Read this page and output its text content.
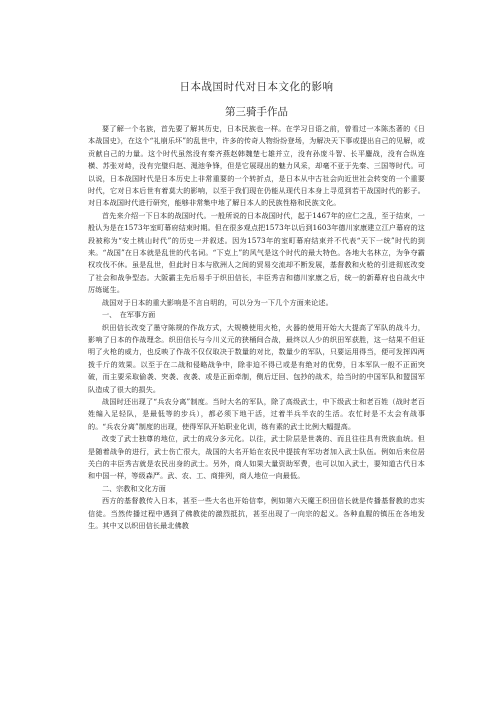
日本战国时代对日本文化的影响
第三骑手作品

要了解一个名族，首先要了解其历史，日本民族也一样。在学习日语之前，曾看过一本陈杰著的《日本战国史》，在这个“礼崩乐坏”的乱世中，许多的传奇人物纷纷登场，为解决天下事或提出自己的见解，或贡献自己的力量。这个时代虽然没有秦齐燕赵韩魏楚七雄并立，没有孙庞斗智、长平鏖战，没有合纵连横、苏张对峙，没有完璧归赵、渑池争锋，但是它展现出的魅力风采，却毫不亚于先秦、三国等时代。可以说，日本战国时代是日本历史上非常重要的一个转折点，是日本从中古社会向近世社会转变的一个重要时代，它对日本后世有着莫大的影响，以至于我们现在仍能从现代日本身上寻觅到若干战国时代的影子。对日本战国时代进行研究，能够非常集中地了解日本人的民族性格和民族文化。

首先来介绍一下日本的战国时代。一般所说的日本战国时代，起于1467年的应仁之乱，至于结束，一般认为是在1573年室町幕府结束时期。但在很多观点把1573年以后到1603年德川家康建立江户幕府的这段被称为“安土桃山时代”的历史一并叙述。因为1573年的室町幕府结束并不代表“天下一统”时代的到来。“战国”在日本就是乱世的代名词。“下克上”的风气是这个时代的最大特色。各地大名林立，为争夺霸权攻伐不休。虽是乱世，但此时日本与欧洲人之间的贸易交流却不断发展，基督教和火枪的引进彻底改变了社会和战争型态。大阪霸主先后易手于织田信长，丰臣秀吉和德川家康之后，统一的新幕府也自战火中厉练诞生。

战国对于日本的重大影响是不言自明的，可以分为一下几个方面来论述。

一、　在军事方面

织田信长改变了墨守陈规的作战方式，大规模使用火枪，火器的使用开始大大提高了军队的战斗力，影响了日本的作战理念。织田信长与今川义元的狭桶间合战，最终以人少的织田军获胜，这一结果不但证明了火枪的威力，也反映了作战不仅仅取决于数量的对比，数量少的军队，只要运用得当，便可发挥四两拨千斤的效果。以至于在二战和侵略战争中，除非迫不得已或是有绝对的优势，日本军队一般不正面突破，而主要采取偷袭、突袭、夜袭、或是正面牵制，侧后迂回、包抄的战术，给当时的中国军队和盟国军队造成了很大的损失。

战国时还出现了“兵农分离”制度。当时大名的军队，除了高级武士，中下级武士和老百姓（战时老百姓编入足轻队，是最低等的步兵），都必须下地干活，过着半兵半农的生活。农忙时是不太会有战事的。“兵农分离”制度的出现，使得军队开始职业化训，练有素的武士比例大幅提高。

改变了武士独尊的地位，武士的成分多元化。以往，武士阶层是世袭的、而且往往具有贵族血统。但是随着战争的进行，武士伤亡很大，战国的大名开始在农民中提拔有军功者加入武士队伍。例如后来位居关白的丰臣秀吉就是农民出身的武士。另外，商人如果大量资助军费，也可以加入武士，要知道古代日本和中国一样，等级森严。武、农、工、商排列，商人地位一向最低。

二、宗教和文化方面

西方的基督教传入日本，甚至一些大名也开始信奉，例如第六天魔王织田信长就是传播基督教的忠实信徒。当然传播过程中遇到了佛教徒的激烈抵抗，甚至出现了一向宗的起义。各种血腥的镇压在各地发生。其中又以织田信长最北佛教
